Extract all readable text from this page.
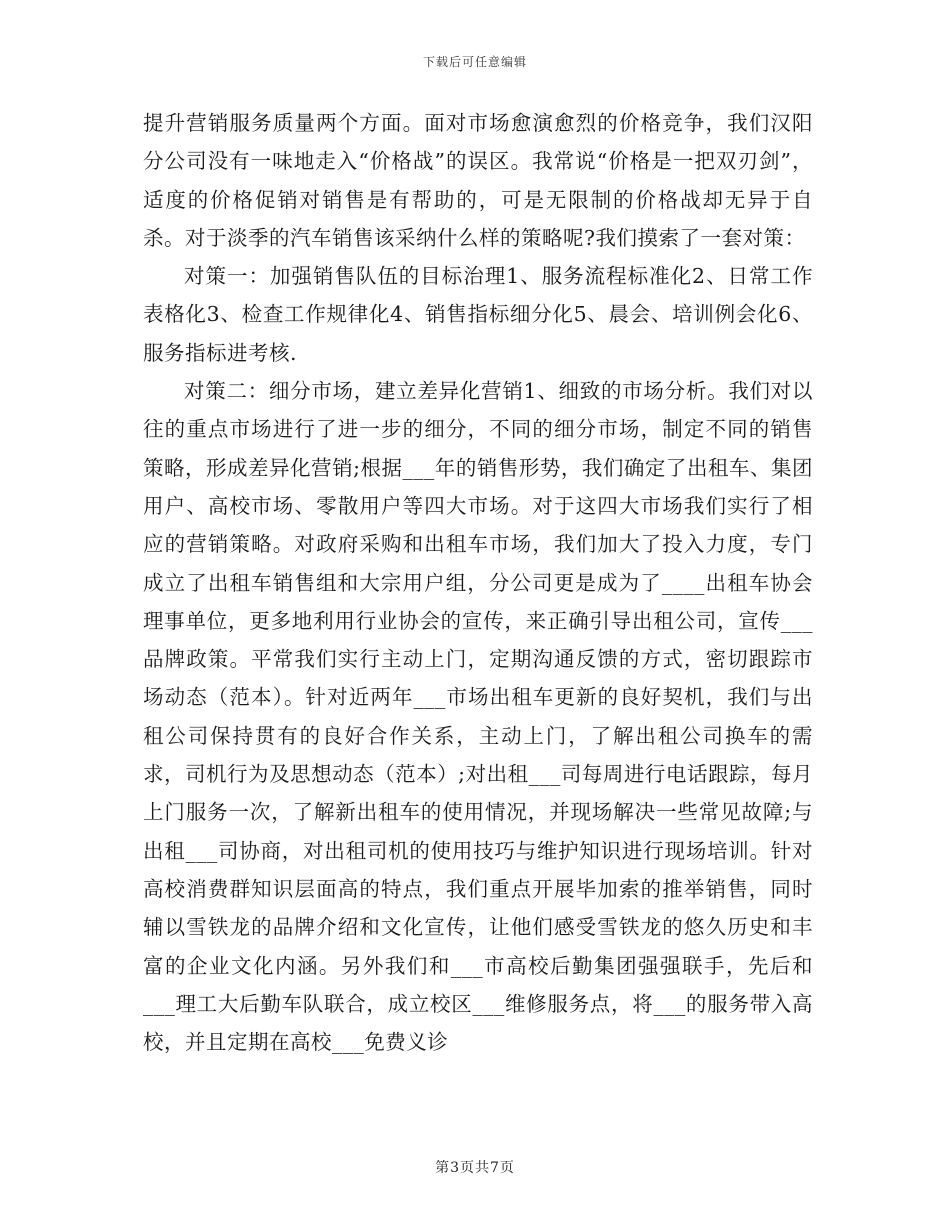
下载后可任意编辑

提升营销服务质量两个方面。面对市场愈演愈烈的价格竞争，我们汉阳分公司没有一味地走入“价格战”的误区。我常说“价格是一把双刃剑”，适度的价格促销对销售是有帮助的，可是无限制的价格战却无异于自杀。对于淡季的汽车销售该采纳什么样的策略呢?我们摸索了一套对策：

对策一：加强销售队伍的目标治理1、服务流程标准化2、日常工作表格化3、检查工作规律化4、销售指标细分化5、晨会、培训例会化6、服务指标进考核.

对策二：细分市场，建立差异化营销1、细致的市场分析。我们对以往的重点市场进行了进一步的细分，不同的细分市场，制定不同的销售策略，形成差异化营销;根据___年的销售形势，我们确定了出租车、集团用户、高校市场、零散用户等四大市场。对于这四大市场我们实行了相应的营销策略。对政府采购和出租车市场，我们加大了投入力度，专门成立了出租车销售组和大宗用户组，分公司更是成为了____出租车协会理事单位，更多地利用行业协会的宣传，来正确引导出租公司，宣传___品牌政策。平常我们实行主动上门，定期沟通反馈的方式，密切跟踪市场动态（范本）。针对近两年___市场出租车更新的良好契机，我们与出租公司保持贯有的良好合作关系，主动上门，了解出租公司换车的需求，司机行为及思想动态（范本）;对出租___司每周进行电话跟踪，每月上门服务一次，了解新出租车的使用情况，并现场解决一些常见故障;与出租___司协商，对出租司机的使用技巧与维护知识进行现场培训。针对高校消费群知识层面高的特点，我们重点开展毕加索的推举销售，同时辅以雪铁龙的品牌介绍和文化宣传，让他们感受雪铁龙的悠久历史和丰富的企业文化内涵。另外我们和___市高校后勤集团强强联手，先后和___理工大后勤车队联合，成立校区___维修服务点，将___的服务带入高校，并且定期在高校___免费义诊

第3页共7页
